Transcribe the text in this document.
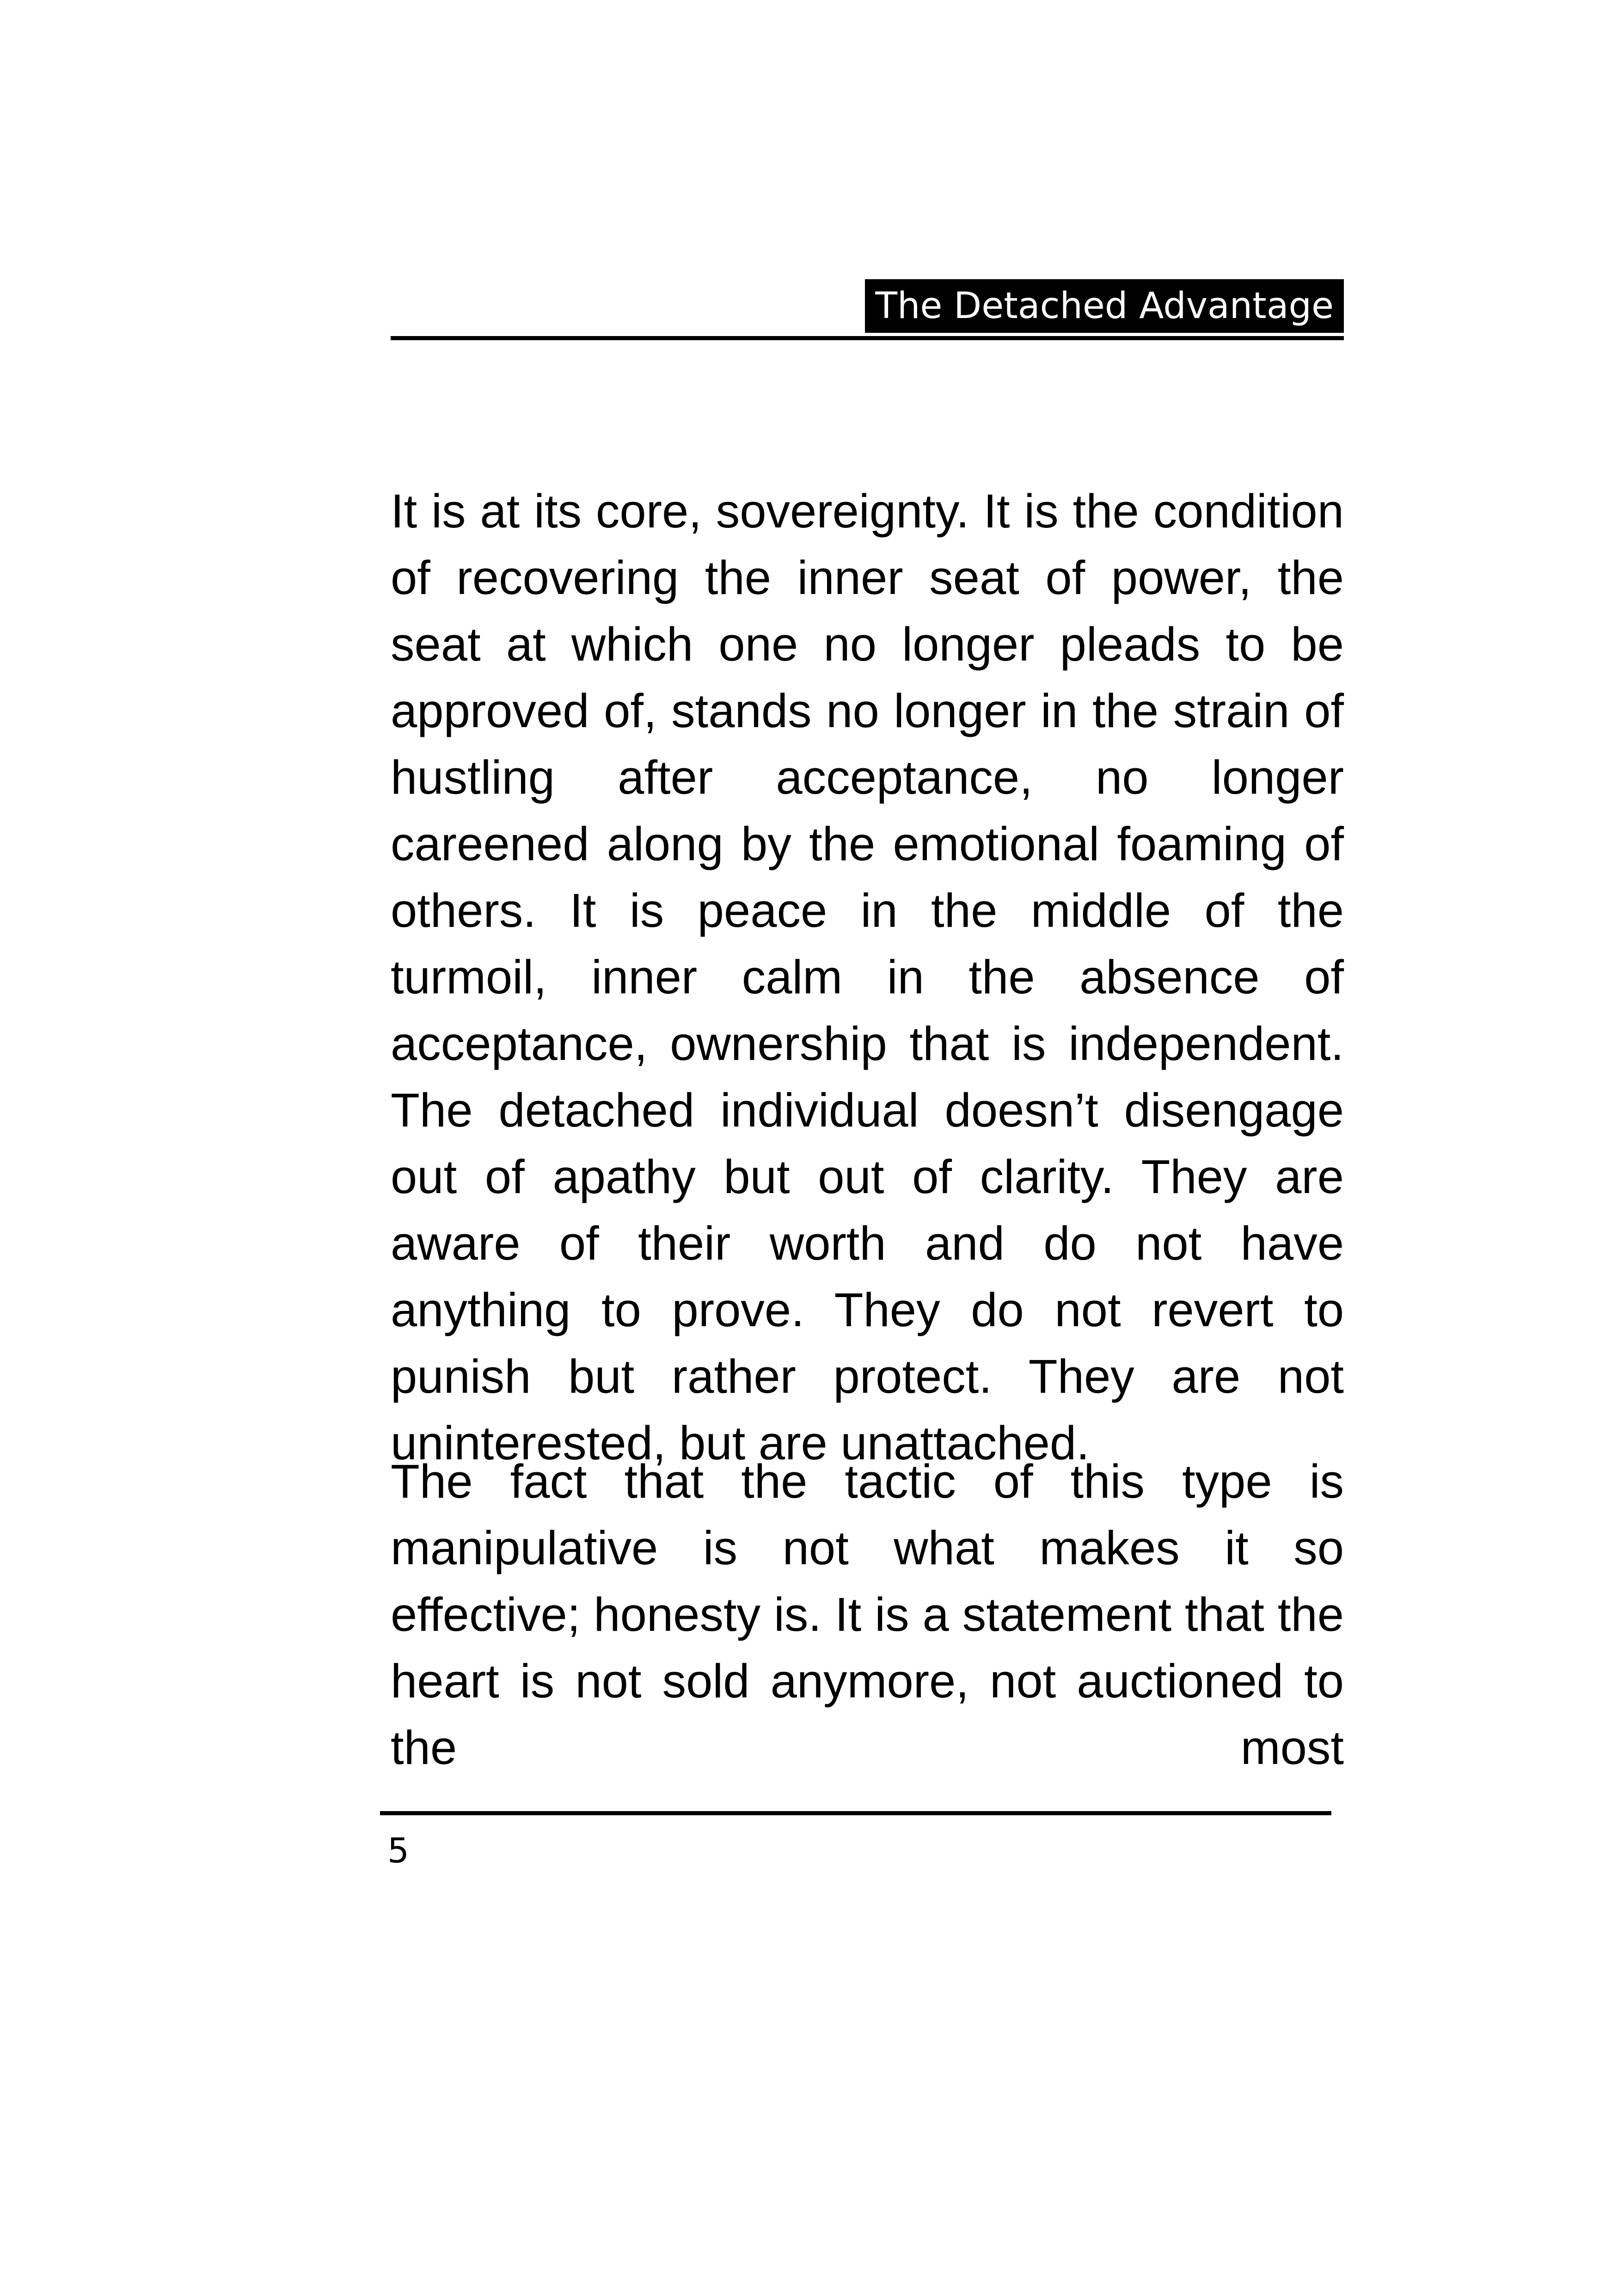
The Detached Advantage

It is at its core, sovereignty. It is the condition of recovering the inner seat of power, the seat at which one no longer pleads to be approved of, stands no longer in the strain of hustling after acceptance, no longer careened along by the emotional foaming of others. It is peace in the middle of the turmoil, inner calm in the absence of acceptance, ownership that is independent. The detached individual doesn’t disengage out of apathy but out of clarity. They are aware of their worth and do not have anything to prove. They do not revert to punish but rather protect. They are not uninterested, but are unattached.

The fact that the tactic of this type is manipulative is not what makes it so effective; honesty is. It is a statement that the heart is not sold anymore, not auctioned to the most

5
